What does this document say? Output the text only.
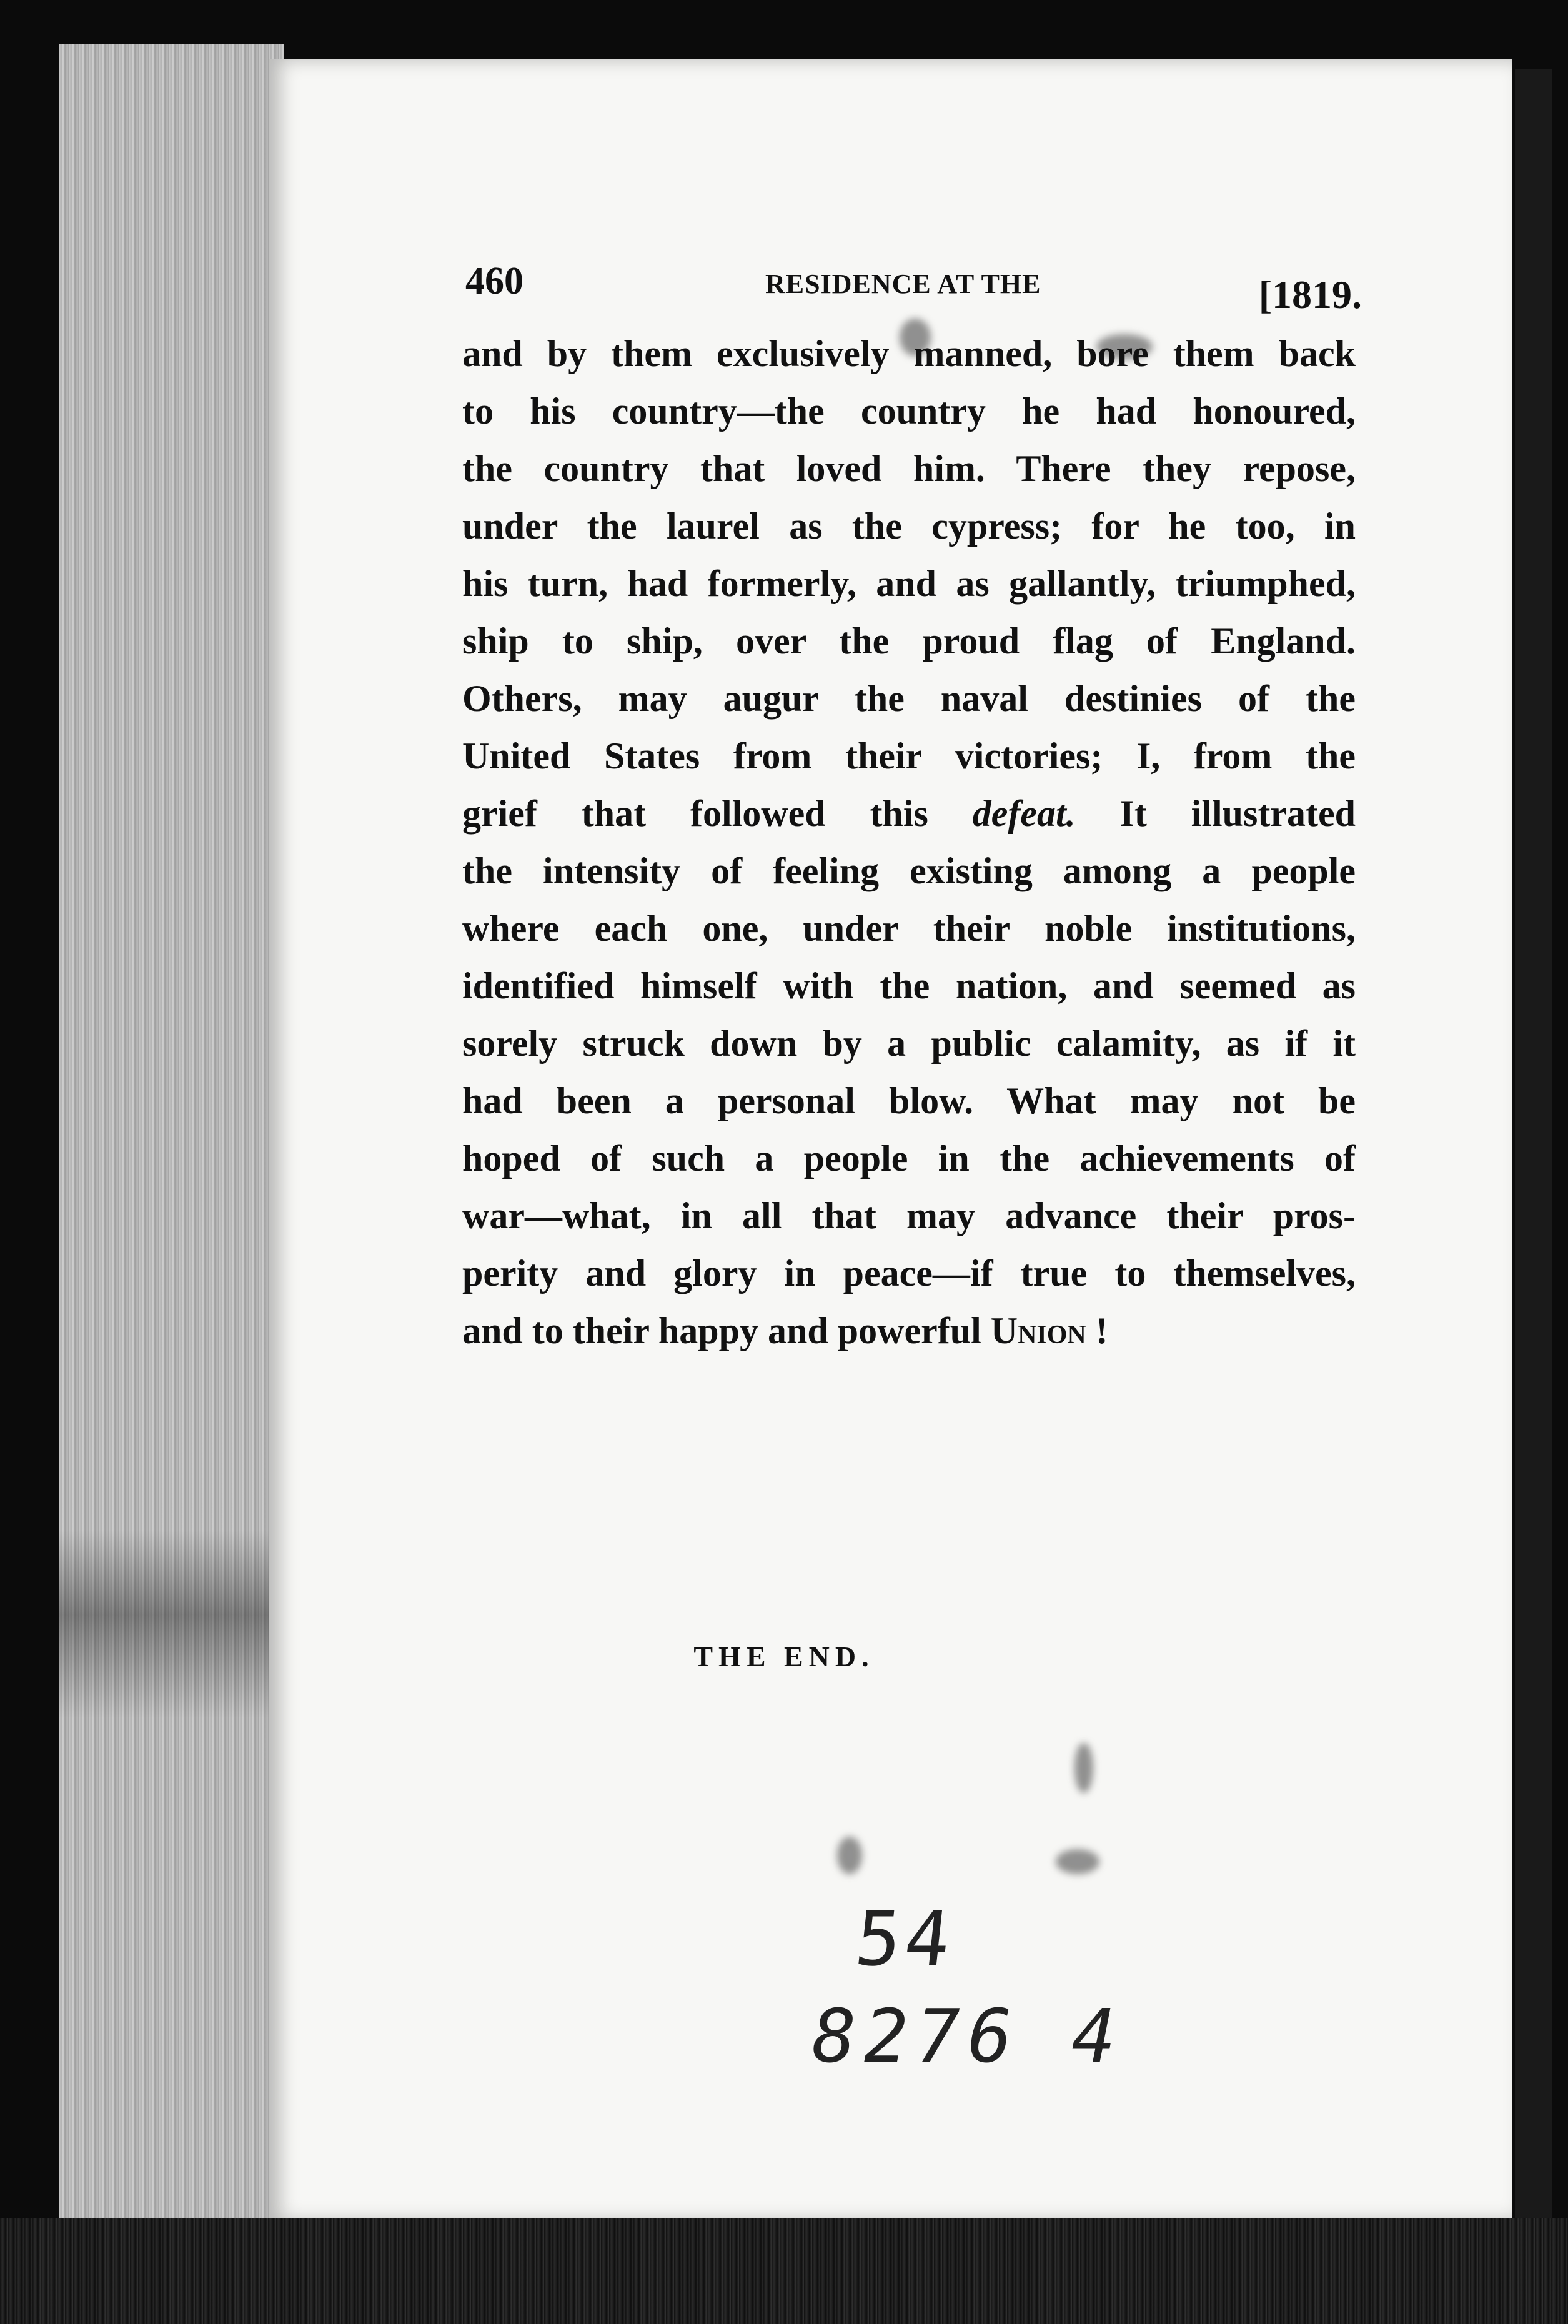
460	RESIDENCE AT THE	[1819.
and by them exclusively manned, bore them back
to his country—the country he had honoured,
the country that loved him. There they repose,
under the laurel as the cypress; for he too, in
his turn, had formerly, and as gallantly, triumphed,
ship to ship, over the proud flag of England.
Others, may augur the naval destinies of the
United States from their victories; I, from the
grief that followed this defeat. It illustrated
the intensity of feeling existing among a people
where each one, under their noble institutions,
identified himself with the nation, and seemed as
sorely struck down by a public calamity, as if it
had been a personal blow. What may not be
hoped of such a people in the achievements of
war—what, in all that may advance their pros-
perity and glory in peace—if true to themselves,
and to their happy and powerful Union !
THE END.
54
8276 4
